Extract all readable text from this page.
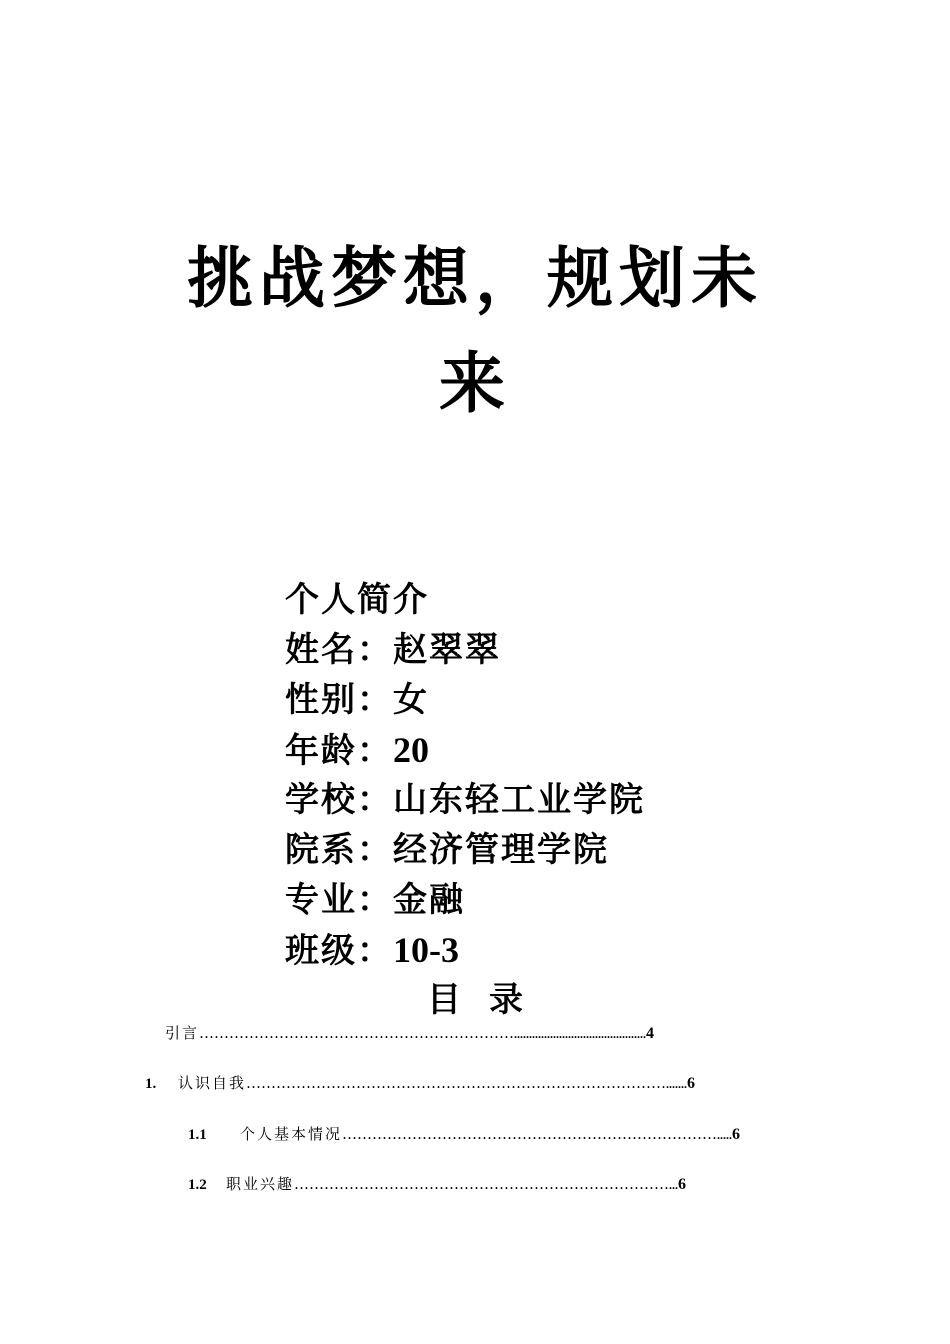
挑战梦想，规划未
来
个人简介
姓名：赵翠翠
性别：女
年龄：20
学校：山东轻工业学院
院系：经济管理学院
专业：金融
班级：10-3
目 录
引言………………………………………………………............................................4
1. 认识自我………………………………………………………………………….......6
1.1 个人基本情况………………………………………………………………….....6
1.2 职业兴趣…………………………………………………………………...6
